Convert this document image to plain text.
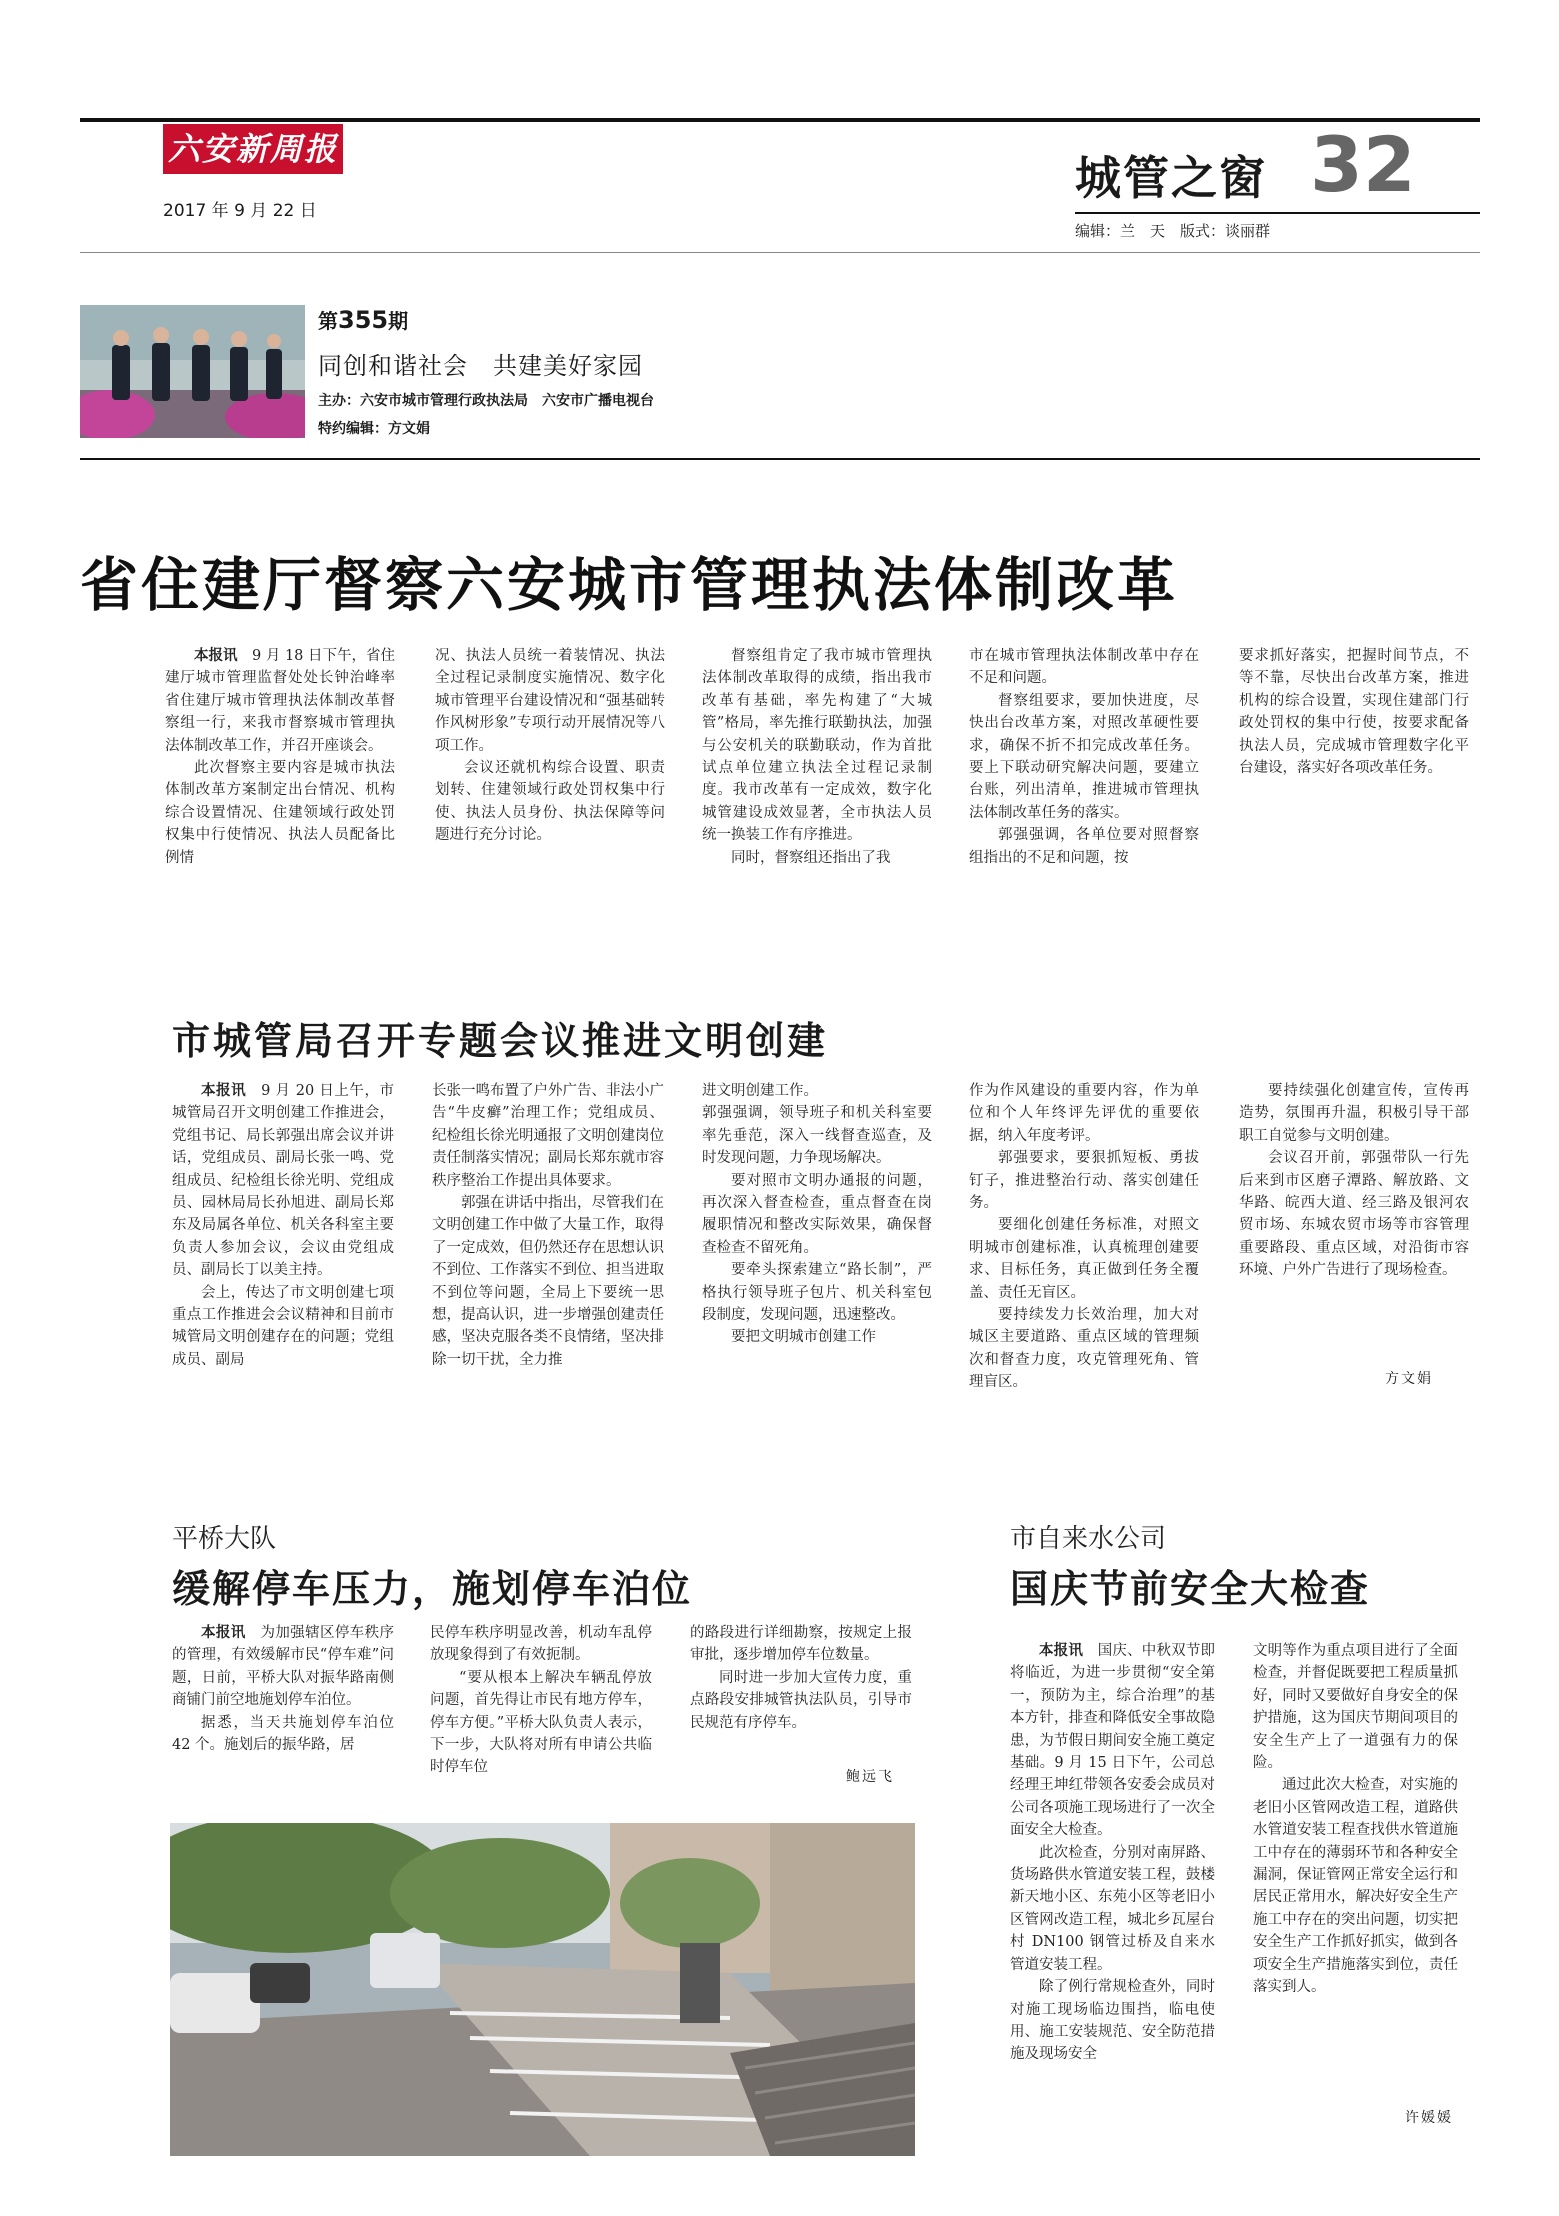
六安新周报
2017 年 9 月 22 日
城管之窗 32
编辑：兰　天　版式：谈丽群
第355期
同创和谐社会　共建美好家园
主办：六安市城市管理行政执法局　六安市广播电视台
特约编辑：方文娟
省住建厅督察六安城市管理执法体制改革

本报讯　9 月 18 日下午，省住建厅城市管理监督处处长钟治峰率省住建厅城市管理执法体制改革督察组一行，来我市督察城市管理执法体制改革工作，并召开座谈会。

此次督察主要内容是城市执法体制改革方案制定出台情况、机构综合设置情况、住建领域行政处罚权集中行使情况、执法人员配备比例情

况、执法人员统一着装情况、执法全过程记录制度实施情况、数字化城市管理平台建设情况和“强基础转作风树形象”专项行动开展情况等八项工作。

会议还就机构综合设置、职责划转、住建领域行政处罚权集中行使、执法人员身份、执法保障等问题进行充分讨论。

督察组肯定了我市城市管理执法体制改革取得的成绩，指出我市改革有基础，率先构建了“大城管”格局，率先推行联勤执法，加强与公安机关的联勤联动，作为首批试点单位建立执法全过程记录制度。我市改革有一定成效，数字化城管建设成效显著，全市执法人员统一换装工作有序推进。

同时，督察组还指出了我

市在城市管理执法体制改革中存在不足和问题。

督察组要求，要加快进度，尽快出台改革方案，对照改革硬性要求，确保不折不扣完成改革任务。要上下联动研究解决问题，要建立台账，列出清单，推进城市管理执法体制改革任务的落实。

郭强强调，各单位要对照督察组指出的不足和问题，按

要求抓好落实，把握时间节点，不等不靠，尽快出台改革方案，推进机构的综合设置，实现住建部门行政处罚权的集中行使，按要求配备执法人员，完成城市管理数字化平台建设，落实好各项改革任务。

市城管局召开专题会议推进文明创建

本报讯　9 月 20 日上午，市城管局召开文明创建工作推进会，党组书记、局长郭强出席会议并讲话，党组成员、副局长张一鸣、党组成员、纪检组长徐光明、党组成员、园林局局长孙旭进、副局长郑东及局属各单位、机关各科室主要负责人参加会议，会议由党组成员、副局长丁以美主持。

会上，传达了市文明创建七项重点工作推进会会议精神和目前市城管局文明创建存在的问题；党组成员、副局

长张一鸣布置了户外广告、非法小广告“牛皮癣”治理工作；党组成员、纪检组长徐光明通报了文明创建岗位责任制落实情况；副局长郑东就市容秩序整治工作提出具体要求。

郭强在讲话中指出，尽管我们在文明创建工作中做了大量工作，取得了一定成效，但仍然还存在思想认识不到位、工作落实不到位、担当进取不到位等问题，全局上下要统一思想，提高认识，进一步增强创建责任感，坚决克服各类不良情绪，坚决排除一切干扰，全力推

进文明创建工作。

郭强强调，领导班子和机关科室要率先垂范，深入一线督查巡查，及时发现问题，力争现场解决。

要对照市文明办通报的问题，再次深入督查检查，重点督查在岗履职情况和整改实际效果，确保督查检查不留死角。

要牵头探索建立“路长制”，严格执行领导班子包片、机关科室包段制度，发现问题，迅速整改。

要把文明城市创建工作

作为作风建设的重要内容，作为单位和个人年终评先评优的重要依据，纳入年度考评。

郭强要求，要狠抓短板、勇拔钉子，推进整治行动、落实创建任务。

要细化创建任务标准，对照文明城市创建标准，认真梳理创建要求、目标任务，真正做到任务全覆盖、责任无盲区。

要持续发力长效治理，加大对城区主要道路、重点区域的管理频次和督查力度，攻克管理死角、管理盲区。

要持续强化创建宣传，宣传再造势，氛围再升温，积极引导干部职工自觉参与文明创建。

会议召开前，郭强带队一行先后来到市区磨子潭路、解放路、文华路、皖西大道、经三路及银河农贸市场、东城农贸市场等市容管理重要路段、重点区域，对沿街市容环境、户外广告进行了现场检查。

方文娟
平桥大队
缓解停车压力，施划停车泊位

本报讯　为加强辖区停车秩序的管理，有效缓解市民“停车难”问题，日前，平桥大队对振华路南侧商铺门前空地施划停车泊位。

据悉，当天共施划停车泊位 42 个。施划后的振华路，居

民停车秩序明显改善，机动车乱停放现象得到了有效扼制。

“要从根本上解决车辆乱停放问题，首先得让市民有地方停车，停车方便。”平桥大队负责人表示，下一步，大队将对所有申请公共临时停车位

的路段进行详细勘察，按规定上报审批，逐步增加停车位数量。

同时进一步加大宣传力度，重点路段安排城管执法队员，引导市民规范有序停车。

鲍远飞
市自来水公司
国庆节前安全大检查

本报讯　国庆、中秋双节即将临近，为进一步贯彻“安全第一，预防为主，综合治理”的基本方针，排查和降低安全事故隐患，为节假日期间安全施工奠定基础。9 月 15 日下午，公司总经理王坤红带领各安委会成员对公司各项施工现场进行了一次全面安全大检查。

此次检查，分别对南屏路、货场路供水管道安装工程，鼓楼新天地小区、东苑小区等老旧小区管网改造工程，城北乡瓦屋台村 DN100 钢管过桥及自来水管道安装工程。

除了例行常规检查外，同时对施工现场临边围挡，临电使用、施工安装规范、安全防范措施及现场安全

文明等作为重点项目进行了全面检查，并督促既要把工程质量抓好，同时又要做好自身安全的保护措施，这为国庆节期间项目的安全生产上了一道强有力的保险。

通过此次大检查，对实施的老旧小区管网改造工程，道路供水管道安装工程查找供水管道施工中存在的薄弱环节和各种安全漏洞，保证管网正常安全运行和居民正常用水，解决好安全生产施工中存在的突出问题，切实把安全生产工作抓好抓实，做到各项安全生产措施落实到位，责任落实到人。

许媛媛
